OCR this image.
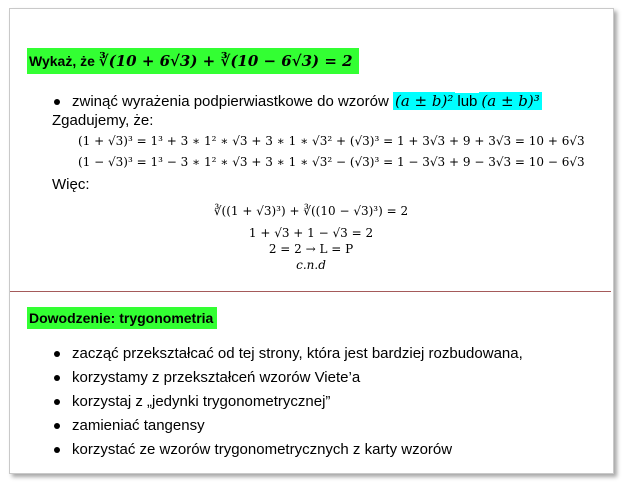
Wykaż, że ∛(10 + 6√3) + ∛(10 − 6√3) = 2
zwinąć wyrażenia podpierwiastkowe do wzorów (a ± b)² lub (a ± b)³
Zgadujemy, że:
(1 + √3)³ = 1³ + 3 ∗ 1² ∗ √3 + 3 ∗ 1 ∗ √3² + (√3)³ = 1 + 3√3 + 9 + 3√3 = 10 + 6√3
(1 − √3)³ = 1³ − 3 ∗ 1² ∗ √3 + 3 ∗ 1 ∗ √3² − (√3)³ = 1 − 3√3 + 9 − 3√3 = 10 − 6√3
Więc:
∛((1 + √3)³) + ∛((10 − √3)³) = 2
1 + √3 + 1 − √3 = 2
2 = 2 → L = P
c.n.d
Dowodzenie: trygonometria
zacząć przekształcać od tej strony, która jest bardziej rozbudowana,
korzystamy z przekształceń wzorów Viete’a
korzystaj z „jedynki trygonometrycznej”
zamieniać tangensy
korzystać ze wzorów trygonometrycznych z karty wzorów
